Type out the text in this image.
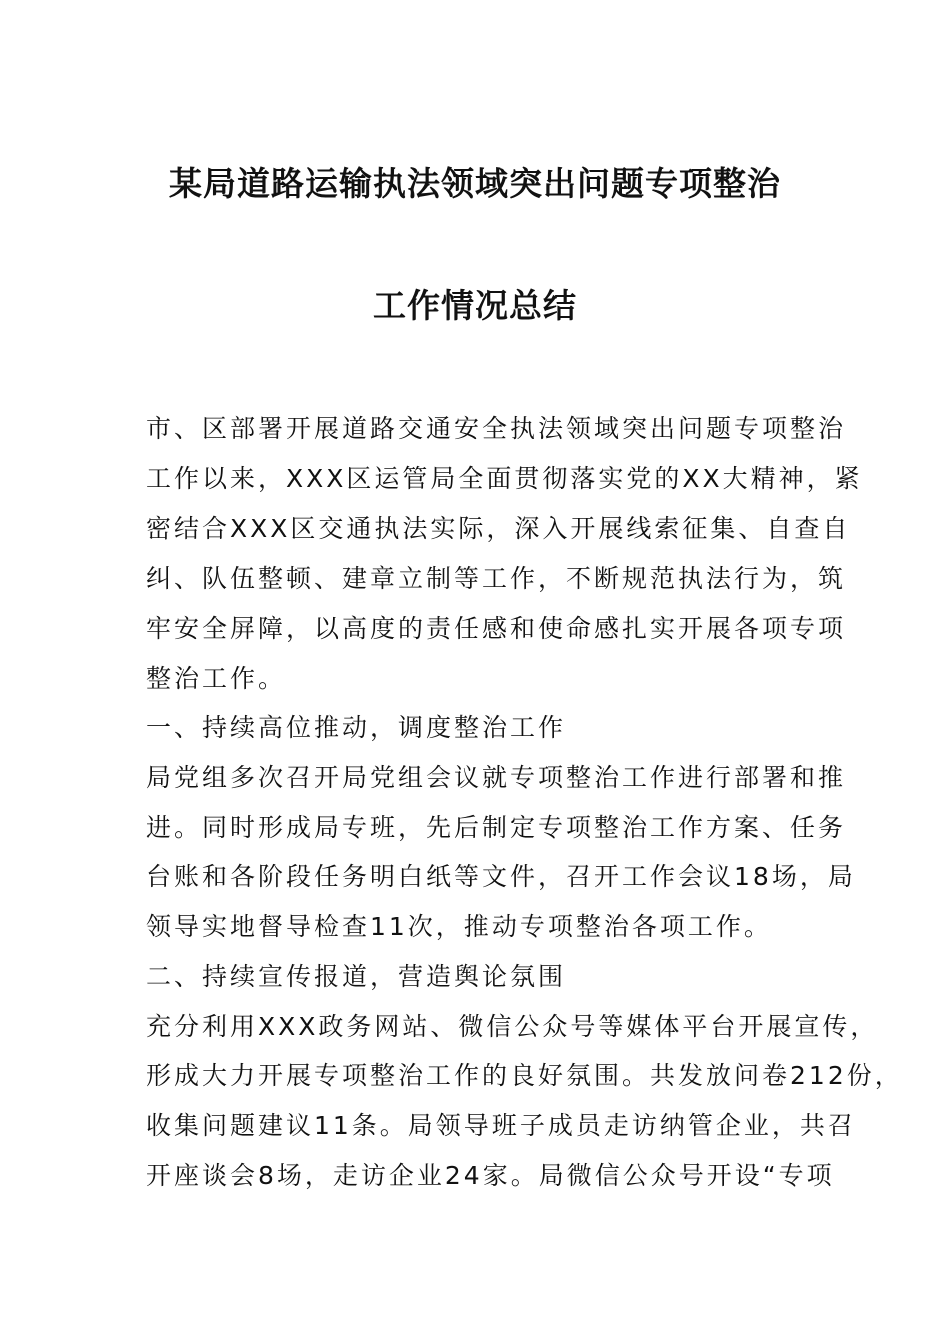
某局道路运输执法领域突出问题专项整治
工作情况总结
市、区部署开展道路交通安全执法领域突出问题专项整治
工作以来，XXX区运管局全面贯彻落实党的XX大精神，紧
密结合XXX区交通执法实际，深入开展线索征集、自查自
纠、队伍整顿、建章立制等工作，不断规范执法行为，筑
牢安全屏障，以高度的责任感和使命感扎实开展各项专项
整治工作。
一、持续高位推动，调度整治工作
局党组多次召开局党组会议就专项整治工作进行部署和推
进。同时形成局专班，先后制定专项整治工作方案、任务
台账和各阶段任务明白纸等文件，召开工作会议18场，局
领导实地督导检查11次，推动专项整治各项工作。
二、持续宣传报道，营造舆论氛围
充分利用XXX政务网站、微信公众号等媒体平台开展宣传，
形成大力开展专项整治工作的良好氛围。共发放问卷212份，
收集问题建议11条。局领导班子成员走访纳管企业，共召
开座谈会8场，走访企业24家。局微信公众号开设“专项
